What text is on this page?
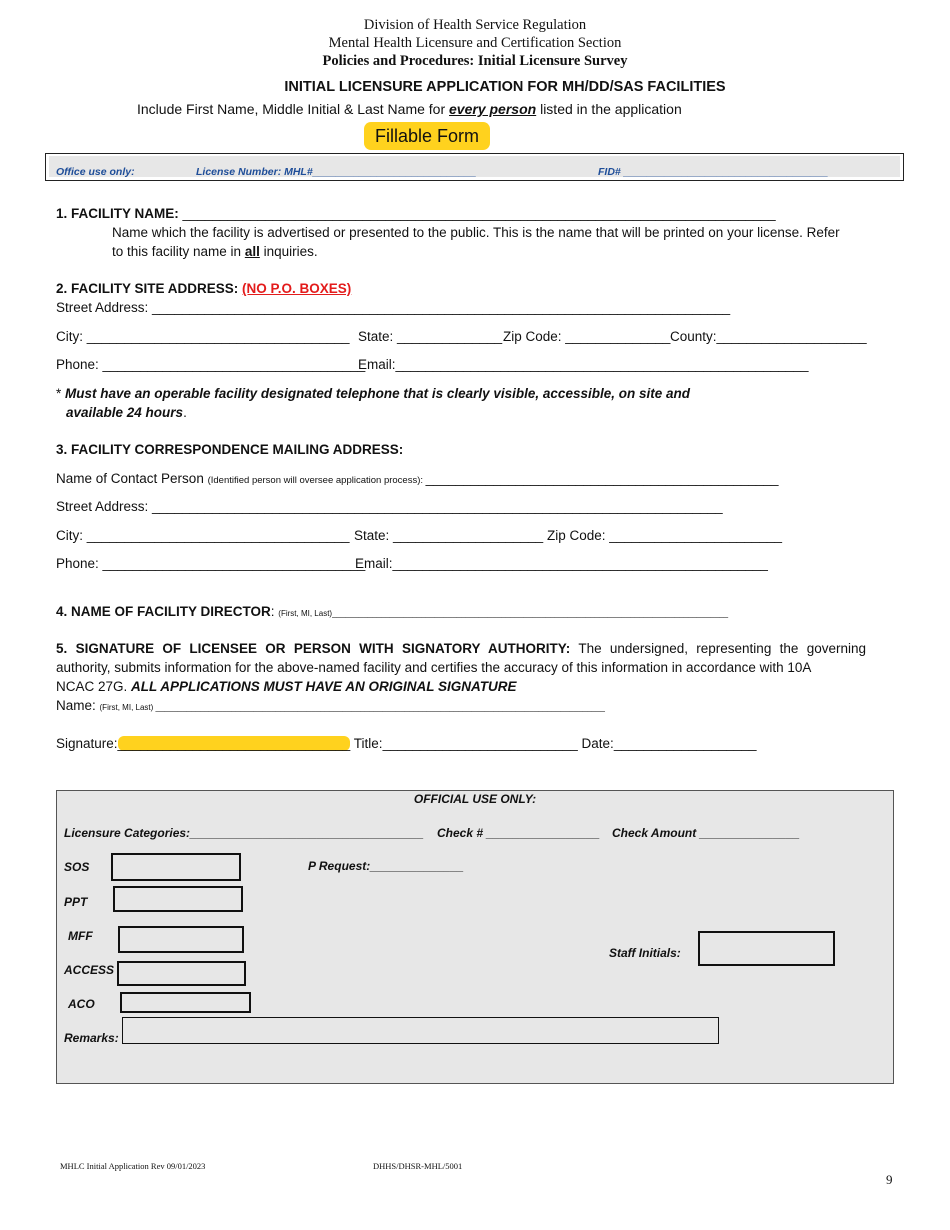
Division of Health Service Regulation
Mental Health Licensure and Certification Section
Policies and Procedures: Initial Licensure Survey
INITIAL LICENSURE APPLICATION FOR MH/DD/SAS FACILITIES
Include First Name, Middle Initial & Last Name for every person listed in the application
Fillable Form
Office use only:	License Number: MHL#____________________________	FID# ___________________________________
1. FACILITY NAME: _______________________________________________________________________________
Name which the facility is advertised or presented to the public. This is the name that will be printed on your license. Refer
to this facility name in all inquiries.
2. FACILITY SITE ADDRESS: (NO P.O. BOXES)
Street Address: _____________________________________________________________________________
City: ___________________________________ State: ______________ Zip Code: ______________ County:____________________
Phone: ___________________________________
Email:_______________________________________________________
* Must have an operable facility designated telephone that is clearly visible, accessible, on site and
available 24 hours.
3. FACILITY CORRESPONDENCE MAILING ADDRESS:
Name of Contact Person (Identified person will oversee application process): _______________________________________________
Street Address: ____________________________________________________________________________
City: ___________________________________ State: ____________________ Zip Code: _______________________
Phone: ___________________________________
Email:__________________________________________________
4. NAME OF FACILITY DIRECTOR: (First, MI, Last)_________________________________________________________________________________________
5. SIGNATURE OF LICENSEE OR PERSON WITH SIGNATORY AUTHORITY: The undersigned, representing the governing
authority, submits information for the above-named facility and certifies the accuracy of this information in accordance with 10A
NCAC 27G. ALL APPLICATIONS MUST HAVE AN ORIGINAL SIGNATURE
Name: (First, MI, Last) _____________________________________________________________________________________________________
Signature:_______________________________ Title:__________________________ Date:___________________
OFFICIAL USE ONLY:
Licensure Categories:___________________________________ Check # _________________ Check Amount _______________
SOS	P Request:______________
PPT
MFF
Staff Initials:
ACCESS
ACO
Remarks:
MHLC Initial Application Rev 09/01/2023	DHHS/DHSR-MHL/5001
9
